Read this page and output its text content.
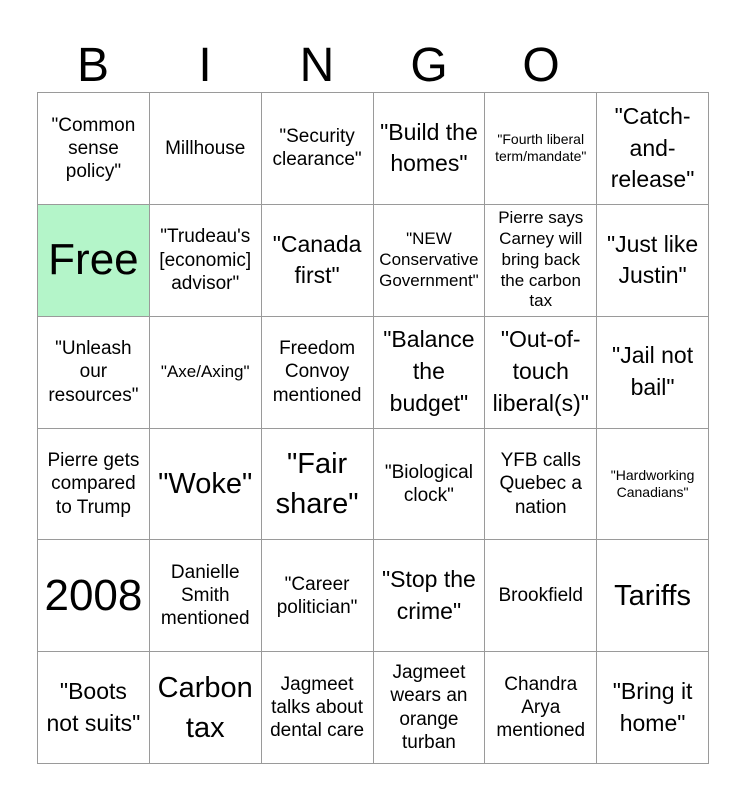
B	I	N	G	O
"Common sense policy"
Millhouse
"Security clearance"
"Build the homes"
"Fourth liberal term/mandate"
"Catch-and-release"
Free	"Trudeau's [economic] advisor"
"Canada first"
"NEW Conservative Government"
Pierre says Carney will bring back the carbon tax
"Just like Justin"
"Unleash our resources"
"Axe/Axing"
Freedom Convoy mentioned
"Balance the budget"
"Out-of-touch liberal(s)"
"Jail not bail"
Pierre gets compared to Trump
"Woke"
"Fair share"
"Biological clock"
YFB calls Quebec a nation
"Hardworking Canadians"
2008	Danielle Smith mentioned
"Career politician"
"Stop the crime"
Brookfield	Tariffs
"Boots not suits"
Carbon tax
Jagmeet talks about dental care
Jagmeet wears an orange turban
Chandra Arya mentioned
"Bring it home"
